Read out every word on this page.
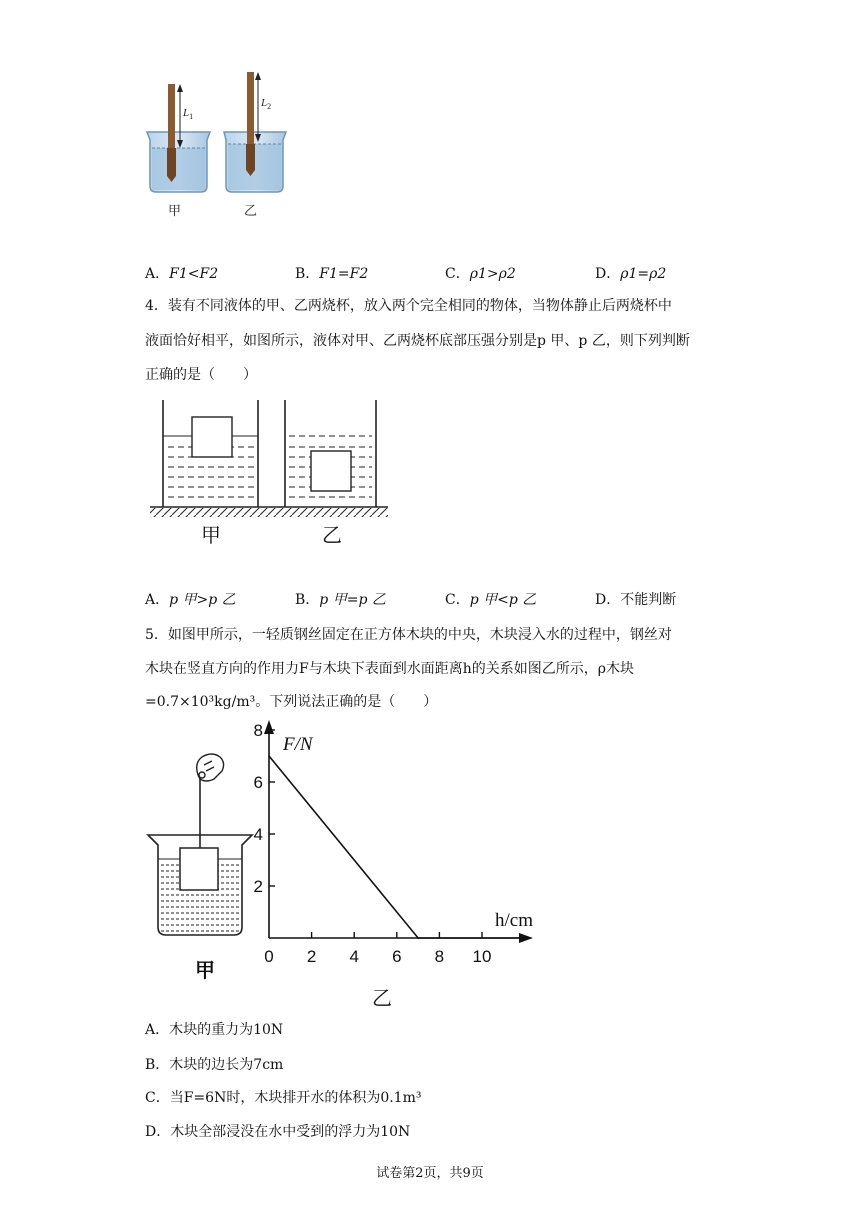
$L_1$
$L_2$
甲	乙
A．F1<F2	B．F1=F2	C．ρ1>ρ2	D．ρ1=ρ2
4．装有不同液体的甲、乙两烧杯，放入两个完全相同的物体，当物体静止后两烧杯中
液面恰好相平，如图所示，液体对甲、乙两烧杯底部压强分别是p 甲、p 乙，则下列判断
正确的是（　　）
甲	乙
A．p 甲>p 乙	B．p 甲=p 乙	C．p 甲<p 乙	D．不能判断
5．如图甲所示，一轻质钢丝固定在正方体木块的中央，木块浸入水的过程中，钢丝对
木块在竖直方向的作用力F与木块下表面到水面距离h的关系如图乙所示，ρ木块
=0.7×10³kg/m³。下列说法正确的是（　　）
甲
F/N
h/cm
0 2 4 6 8 10
2
4
6
8
乙
A．木块的重力为10N
B．木块的边长为7cm
C．当F=6N时，木块排开水的体积为0.1m³
D．木块全部浸没在水中受到的浮力为10N
试卷第2页，共9页
